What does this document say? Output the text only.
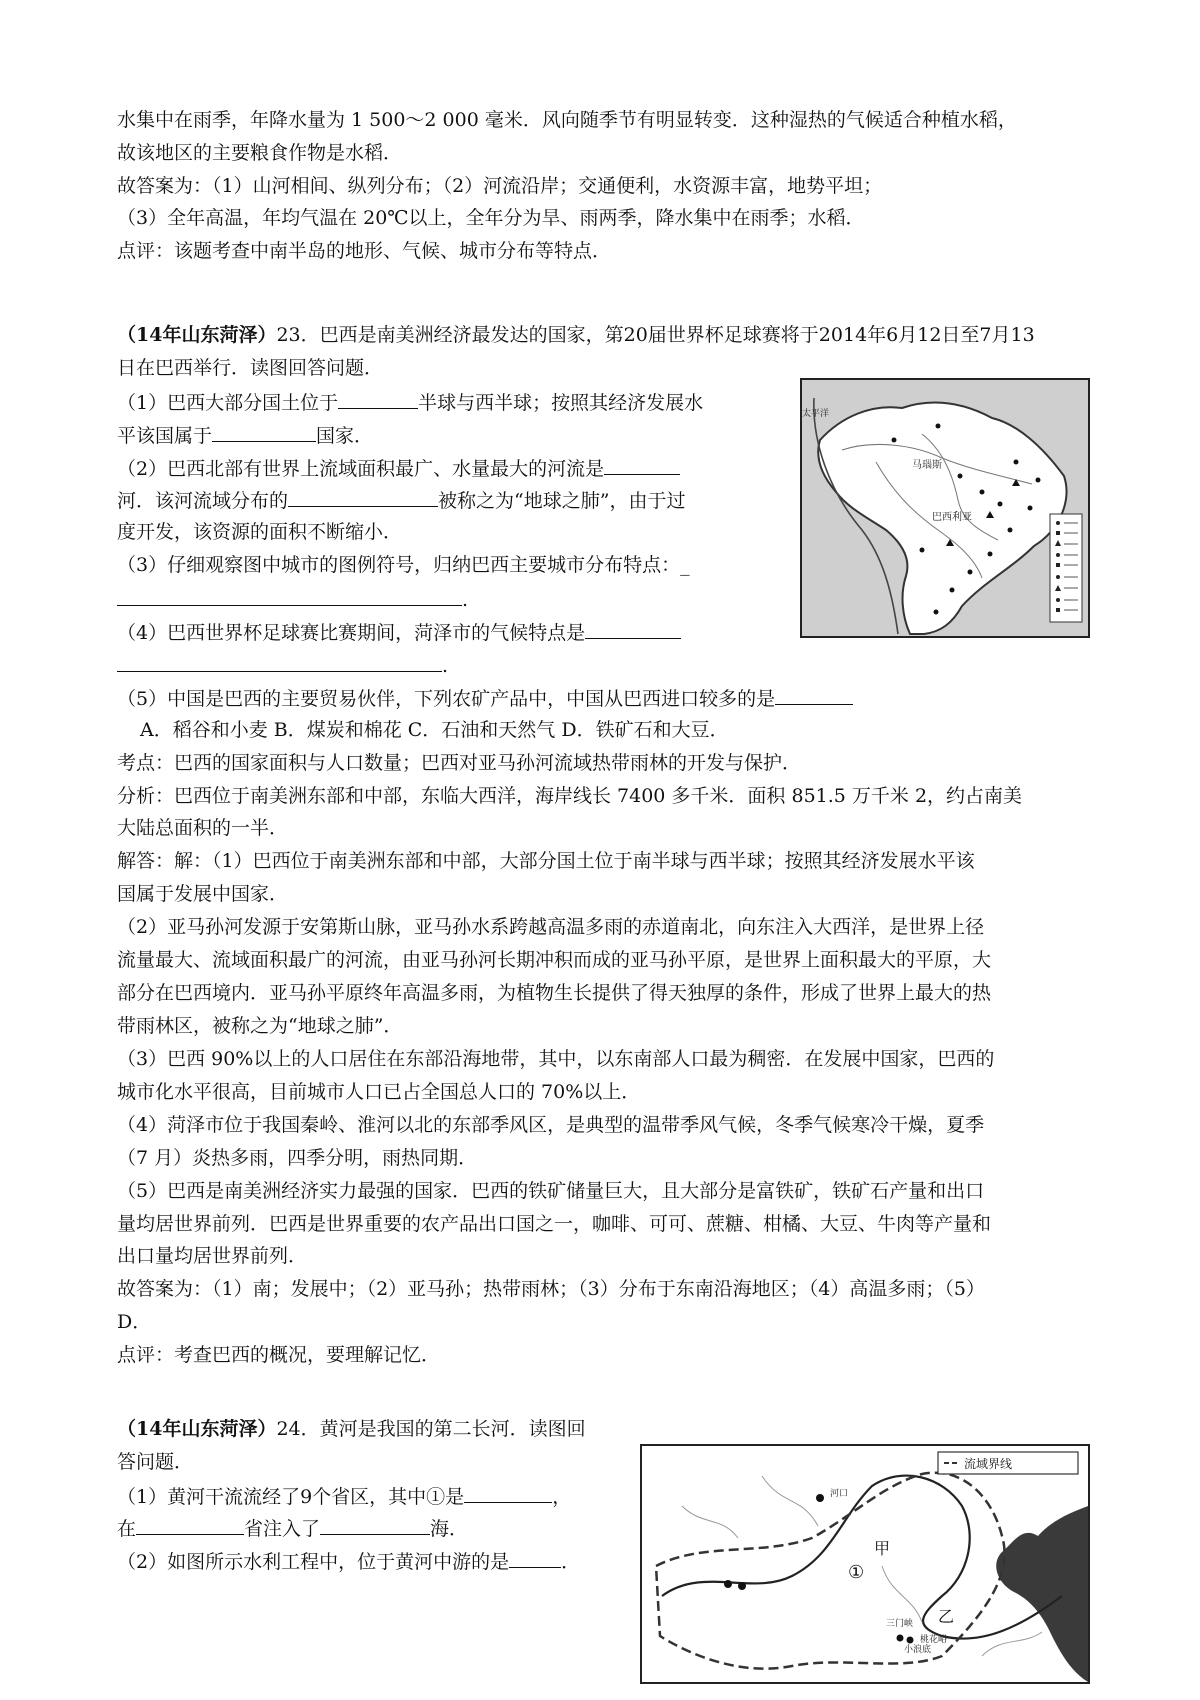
水集中在雨季，年降水量为 1 500～2 000 毫米．风向随季节有明显转变．这种湿热的气候适合种植水稻，

故该地区的主要粮食作物是水稻．

故答案为：（1）山河相间、纵列分布；（2）河流沿岸；交通便利，水资源丰富，地势平坦；

（3）全年高温，年均气温在 20℃以上，全年分为旱、雨两季，降水集中在雨季；水稻．

点评：该题考查中南半岛的地形、气候、城市分布等特点．

（14年山东菏泽）23．巴西是南美洲经济最发达的国家，第20届世界杯足球赛将于2014年6月12日至7月13

日在巴西举行．读图回答问题．

（1）巴西大部分国土位于	半球与西半球；按照其经济发展水

平该国属于	国家．

（2）巴西北部有世界上流域面积最广、水量最大的河流是

河．该河流域分布的	被称之为“地球之肺”，由于过

度开发，该资源的面积不断缩小．

（3）仔细观察图中城市的图例符号，归纳巴西主要城市分布特点：_

.

（4）巴西世界杯足球赛比赛期间，菏泽市的气候特点是

.

（5）中国是巴西的主要贸易伙伴，下列农矿产品中，中国从巴西进口较多的是

A．稻谷和小麦 B．煤炭和棉花 C．石油和天然气 D．铁矿石和大豆．

考点：巴西的国家面积与人口数量；巴西对亚马孙河流域热带雨林的开发与保护．

分析：巴西位于南美洲东部和中部，东临大西洋，海岸线长 7400 多千米．面积 851.5 万千米 2，约占南美

大陆总面积的一半．

解答：解：（1）巴西位于南美洲东部和中部，大部分国土位于南半球与西半球；按照其经济发展水平该

国属于发展中国家．

（2）亚马孙河发源于安第斯山脉，亚马孙水系跨越高温多雨的赤道南北，向东注入大西洋，是世界上径

流量最大、流域面积最广的河流，由亚马孙河长期冲积而成的亚马孙平原，是世界上面积最大的平原，大

部分在巴西境内．亚马孙平原终年高温多雨，为植物生长提供了得天独厚的条件，形成了世界上最大的热

带雨林区，被称之为“地球之肺”．

（3）巴西 90%以上的人口居住在东部沿海地带，其中，以东南部人口最为稠密．在发展中国家，巴西的

城市化水平很高，目前城市人口已占全国总人口的 70%以上．

（4）菏泽市位于我国秦岭、淮河以北的东部季风区，是典型的温带季风气候，冬季气候寒冷干燥，夏季

（7 月）炎热多雨，四季分明，雨热同期．

（5）巴西是南美洲经济实力最强的国家．巴西的铁矿储量巨大，且大部分是富铁矿，铁矿石产量和出口

量均居世界前列．巴西是世界重要的农产品出口国之一，咖啡、可可、蔗糖、柑橘、大豆、牛肉等产量和

出口量均居世界前列．

故答案为：（1）南；发展中；（2）亚马孙；热带雨林；（3）分布于东南沿海地区；（4）高温多雨；（5）

D．

点评：考查巴西的概况，要理解记忆．

马瑙斯
巴西利亚
太平洋

（14年山东菏泽）24．黄河是我国的第二长河．读图回

答问题．

（1）黄河干流流经了9个省区，其中①是	，

在	省注入了	海．

（2）如图所示水利工程中，位于黄河中游的是	．

流域界线
①
甲
乙
河口
三门峡
小浪底
桃花峪
